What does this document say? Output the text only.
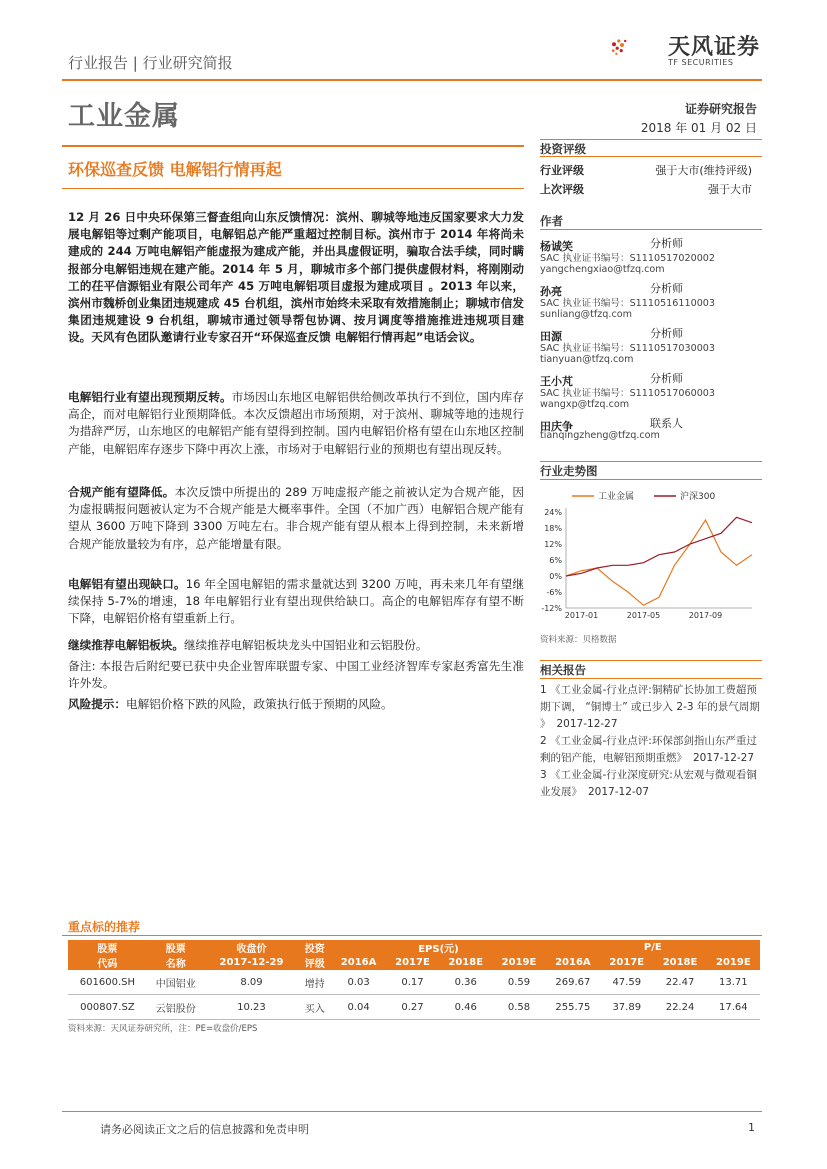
行业报告 | 行业研究简报
天风证券
TF SECURITIES
工业金属	证券研究报告
2018 年 01 月 02 日
环保巡查反馈 电解铝行情再起

12 月 26 日中央环保第三督查组向山东反馈情况：滨州、聊城等地违反国家要求大力发展电解铝等过剩产能项目，电解铝总产能严重超过控制目标。滨州市于 2014 年将尚未建成的 244 万吨电解铝产能虚报为建成产能，并出具虚假证明，骗取合法手续，同时瞒报部分电解铝违规在建产能。2014 年 5 月，聊城市多个部门提供虚假材料，将刚刚动工的茌平信源铝业有限公司年产 45 万吨电解铝项目虚报为建成项目 。2013 年以来，滨州市魏桥创业集团违规建成 45 台机组，滨州市始终未采取有效措施制止；聊城市信发集团违规建设 9 台机组，聊城市通过领导帮包协调、按月调度等措施推进违规项目建设。天风有色团队邀请行业专家召开“环保巡查反馈 电解铝行情再起”电话会议。

电解铝行业有望出现预期反转。市场因山东地区电解铝供给侧改革执行不到位，国内库存高企，而对电解铝行业预期降低。本次反馈超出市场预期，对于滨州、聊城等地的违规行为措辞严厉，山东地区的电解铝产能有望得到控制。国内电解铝价格有望在山东地区控制产能，电解铝库存逐步下降中再次上涨，市场对于电解铝行业的预期也有望出现反转。

合规产能有望降低。本次反馈中所提出的 289 万吨虚报产能之前被认定为合规产能，因为虚报瞒报问题被认定为不合规产能是大概率事件。全国（不加广西）电解铝合规产能有望从 3600 万吨下降到 3300 万吨左右。非合规产能有望从根本上得到控制，未来新增合规产能放量较为有序，总产能增量有限。

电解铝有望出现缺口。16 年全国电解铝的需求量就达到 3200 万吨，再未来几年有望继续保持 5-7%的增速，18 年电解铝行业有望出现供给缺口。高企的电解铝库存有望不断下降，电解铝价格有望重新上行。

继续推荐电解铝板块。继续推荐电解铝板块龙头中国铝业和云铝股份。

备注: 本报告后附纪要已获中央企业智库联盟专家、中国工业经济智库专家赵秀富先生准许外发。

风险提示：电解铝价格下跌的风险，政策执行低于预期的风险。

投资评级
行业评级	强于大市(维持评级)
上次评级	强于大市
作者
杨诚笑	分析师
SAC 执业证书编号：S1110517020002
yangchengxiao@tfzq.com
孙亮	分析师
SAC 执业证书编号：S1110516110003
sunliang@tfzq.com
田源	分析师
SAC 执业证书编号：S1110517030003
tianyuan@tfzq.com
王小芃	分析师
SAC 执业证书编号：S1110517060003
wangxp@tfzq.com
田庆争	联系人
tianqingzheng@tfzq.com
行业走势图
工业金属	沪深300
24%
18%
12%
6%
0%
-6%
-12%
2017-01	2017-05	2017-09
资料来源：贝格数据
相关报告
1 《工业金属-行业点评:铜精矿长协加工费超预期下调， “铜博士” 或已步入 2-3 年的景气周期 》 2017-12-27
2 《工业金属-行业点评:环保部剑指山东严重过剩的铝产能，电解铝预期重燃》 2017-12-27
3 《工业金属-行业深度研究:从宏观与微观看铜业发展》 2017-12-07
重点标的推荐
股票	股票	收盘价	投资	EPS(元)				P/E			
代码	名称	2017-12-29	评级	2016A	2017E	2018E	2019E	2016A	2017E	2018E	2019E
601600.SH	中国铝业	8.09	增持	0.03	0.17	0.36	0.59	269.67	47.59	22.47	13.71
000807.SZ	云铝股份	10.23	买入	0.04	0.27	0.46	0.58	255.75	37.89	22.24	17.64
资料来源：天风证券研究所，注：PE=收盘价/EPS
请务必阅读正文之后的信息披露和免责申明	1
